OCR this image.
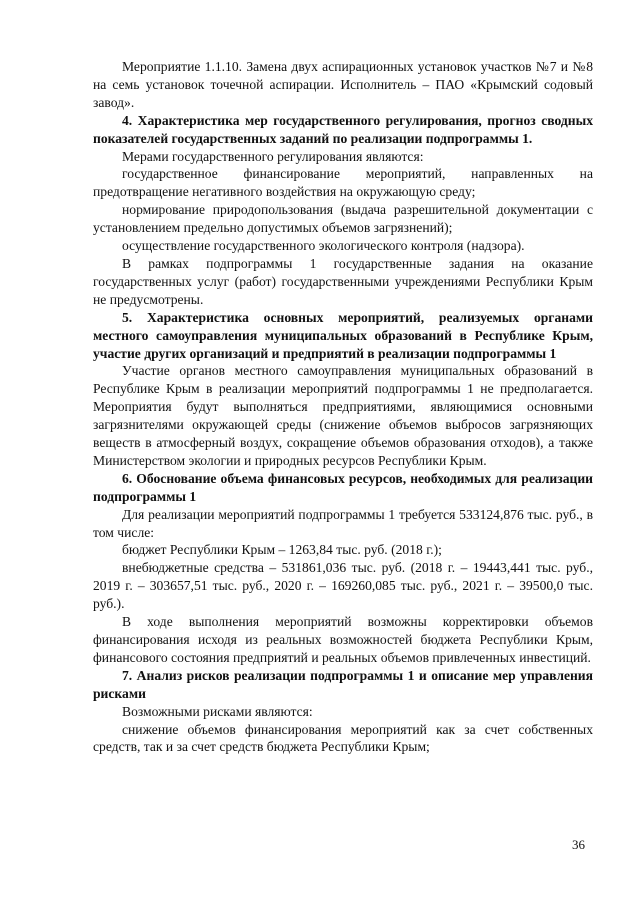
Мероприятие 1.1.10. Замена двух аспирационных установок участков №7 и №8 на семь установок точечной аспирации. Исполнитель – ПАО «Крымский содовый завод».

4. Характеристика мер государственного регулирования, прогноз сводных показателей государственных заданий по реализации подпрограммы 1.

Мерами государственного регулирования являются:

государственное финансирование мероприятий, направленных на предотвращение негативного воздействия на окружающую среду;

нормирование природопользования (выдача разрешительной документации с установлением предельно допустимых объемов загрязнений);

осуществление государственного экологического контроля (надзора).

В рамках подпрограммы 1 государственные задания на оказание государственных услуг (работ) государственными учреждениями Республики Крым не предусмотрены.

5. Характеристика основных мероприятий, реализуемых органами местного самоуправления муниципальных образований в Республике Крым, участие других организаций и предприятий в реализации подпрограммы 1

Участие органов местного самоуправления муниципальных образований в Республике Крым в реализации мероприятий подпрограммы 1 не предполагается. Мероприятия будут выполняться предприятиями, являющимися основными загрязнителями окружающей среды (снижение объемов выбросов загрязняющих веществ в атмосферный воздух, сокращение объемов образования отходов), а также Министерством экологии и природных ресурсов Республики Крым.

6. Обоснование объема финансовых ресурсов, необходимых для реализации подпрограммы 1

Для реализации мероприятий подпрограммы 1 требуется 533124,876 тыс. руб., в том числе:

бюджет Республики Крым – 1263,84 тыс. руб. (2018 г.);

внебюджетные средства – 531861,036 тыс. руб. (2018 г. – 19443,441 тыс. руб., 2019 г. – 303657,51 тыс. руб., 2020 г. – 169260,085 тыс. руб., 2021 г. – 39500,0 тыс. руб.).

В ходе выполнения мероприятий возможны корректировки объемов финансирования исходя из реальных возможностей бюджета Республики Крым, финансового состояния предприятий и реальных объемов привлеченных инвестиций.

7. Анализ рисков реализации подпрограммы 1 и описание мер управления рисками

Возможными рисками являются:

снижение объемов финансирования мероприятий как за счет собственных средств, так и за счет средств бюджета Республики Крым;

36
